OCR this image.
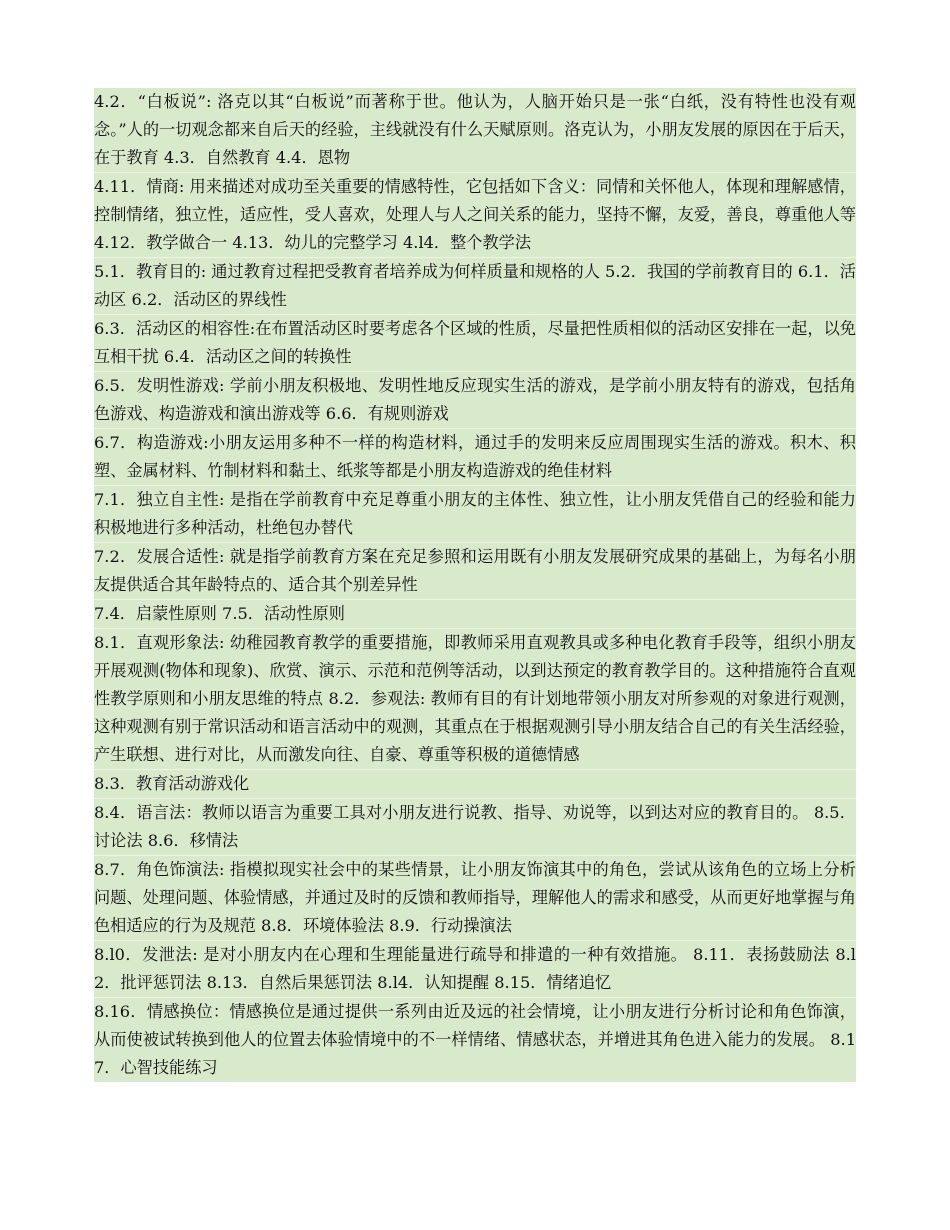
4.2．“白板说”: 洛克以其“白板说”而著称于世。他认为，人脑开始只是一张“白纸，没有特性也没有观念。”人的一切观念都来自后天的经验，主线就没有什么天赋原则。洛克认为，小朋友发展的原因在于后天，在于教育 4.3．自然教育 4.4．恩物

4.11．情商: 用来描述对成功至关重要的情感特性，它包括如下含义：同情和关怀他人，体现和理解感情，控制情绪，独立性，适应性，受人喜欢，处理人与人之间关系的能力，坚持不懈，友爱，善良，尊重他人等 4.12．教学做合一 4.13．幼儿的完整学习 4.l4．整个教学法

5.1．教育目的: 通过教育过程把受教育者培养成为何样质量和规格的人 5.2．我国的学前教育目的 6.1．活动区 6.2．活动区的界线性

6.3．活动区的相容性:在布置活动区时要考虑各个区域的性质，尽量把性质相似的活动区安排在一起，以免互相干扰 6.4．活动区之间的转换性

6.5．发明性游戏: 学前小朋友积极地、发明性地反应现实生活的游戏，是学前小朋友特有的游戏，包括角色游戏、构造游戏和演出游戏等 6.6．有规则游戏

6.7．构造游戏:小朋友运用多种不一样的构造材料，通过手的发明来反应周围现实生活的游戏。积木、积塑、金属材料、竹制材料和黏土、纸浆等都是小朋友构造游戏的绝佳材料

7.1．独立自主性: 是指在学前教育中充足尊重小朋友的主体性、独立性，让小朋友凭借自己的经验和能力积极地进行多种活动，杜绝包办替代

7.2．发展合适性: 就是指学前教育方案在充足参照和运用既有小朋友发展研究成果的基础上，为每名小朋友提供适合其年龄特点的、适合其个别差异性

7.4．启蒙性原则 7.5．活动性原则

8.1．直观形象法: 幼稚园教育教学的重要措施，即教师采用直观教具或多种电化教育手段等，组织小朋友开展观测(物体和现象)、欣赏、演示、示范和范例等活动，以到达预定的教育教学目的。这种措施符合直观性教学原则和小朋友思维的特点 8.2．参观法: 教师有目的有计划地带领小朋友对所参观的对象进行观测，这种观测有别于常识活动和语言活动中的观测，其重点在于根据观测引导小朋友结合自己的有关生活经验，产生联想、进行对比，从而激发向往、自豪、尊重等积极的道德情感

8.3．教育活动游戏化

8.4．语言法：教师以语言为重要工具对小朋友进行说教、指导、劝说等，以到达对应的教育目的。 8.5．讨论法 8.6．移情法

8.7．角色饰演法: 指模拟现实社会中的某些情景，让小朋友饰演其中的角色，尝试从该角色的立场上分析问题、处理问题、体验情感，并通过及时的反馈和教师指导，理解他人的需求和感受，从而更好地掌握与角色相适应的行为及规范 8.8．环境体验法 8.9．行动操演法

8.l0．发泄法: 是对小朋友内在心理和生理能量进行疏导和排遣的一种有效措施。 8.11．表扬鼓励法 8.l2．批评惩罚法 8.13．自然后果惩罚法 8.l4．认知提醒 8.15．情绪追忆

8.16．情感换位：情感换位是通过提供一系列由近及远的社会情境，让小朋友进行分析讨论和角色饰演，从而使被试转换到他人的位置去体验情境中的不一样情绪、情感状态，并增进其角色进入能力的发展。 8.17．心智技能练习
